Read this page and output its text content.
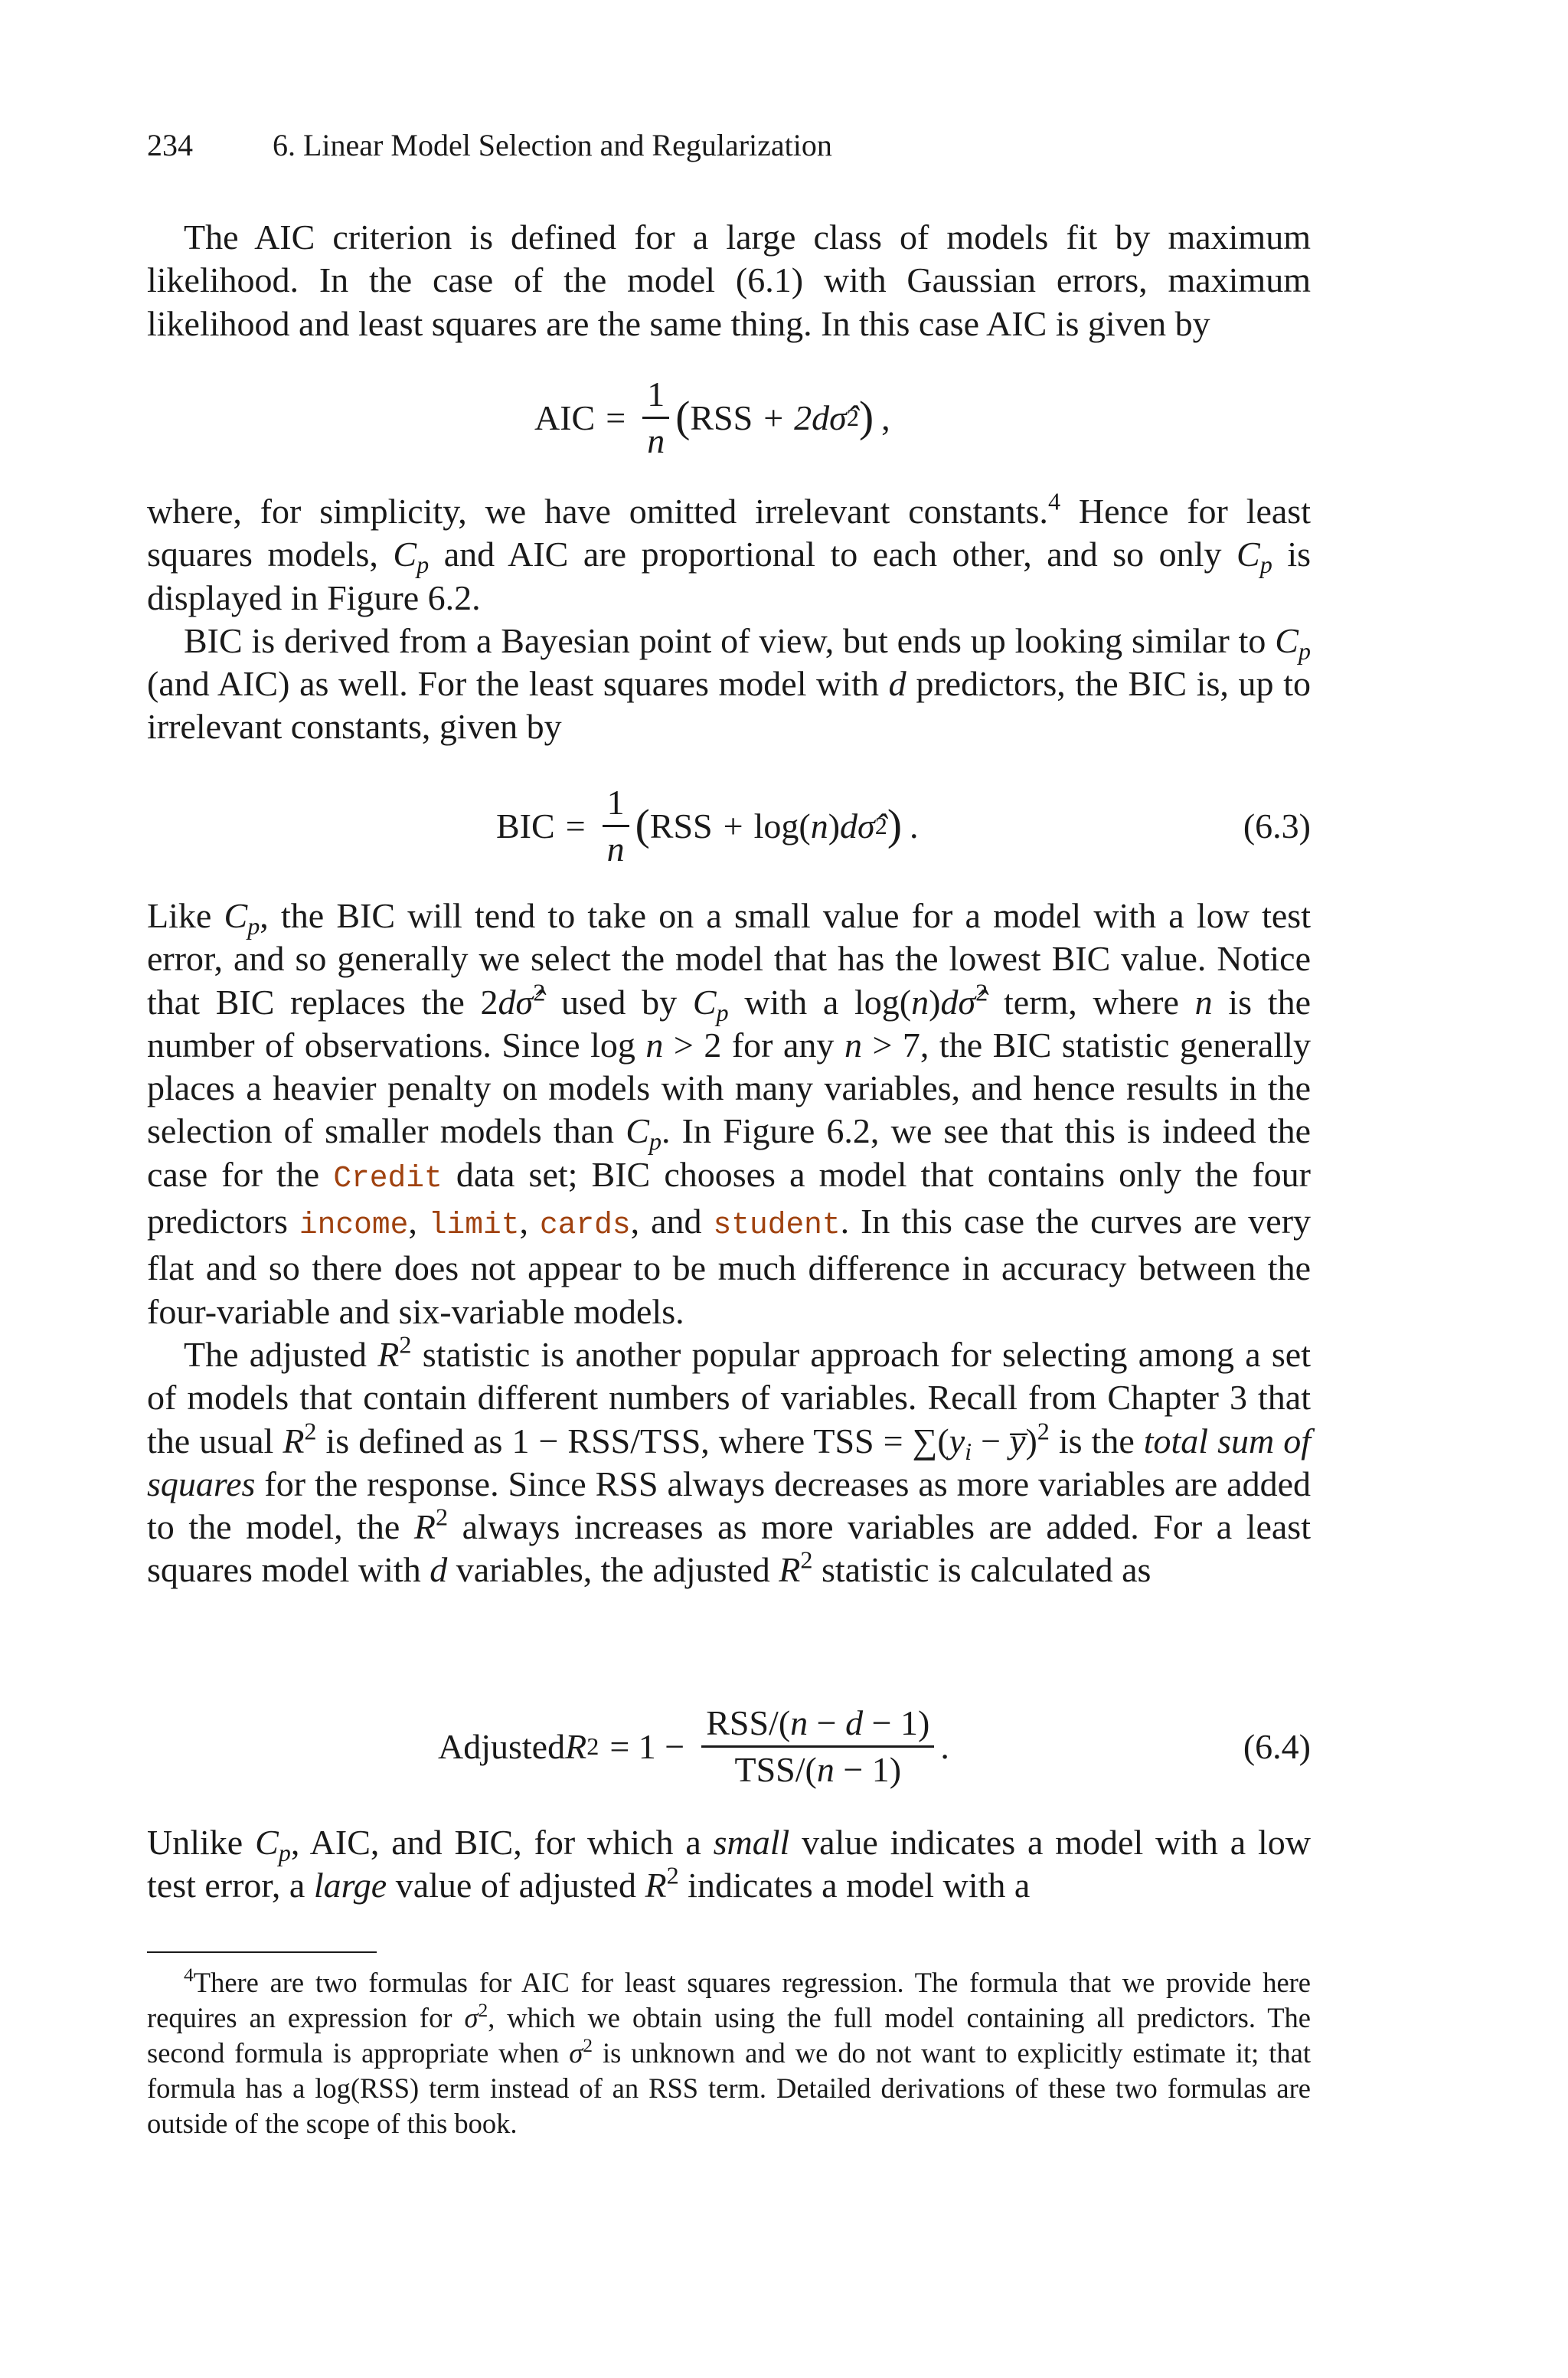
234	6. Linear Model Selection and Regularization

The AIC criterion is defined for a large class of models fit by maximum likelihood. In the case of the model (6.1) with Gaussian errors, maximum likelihood and least squares are the same thing. In this case AIC is given by

AIC = $\frac{1}{n}$ ( RSS + 2d σ̂ 2 ) ,

where, for simplicity, we have omitted irrelevant constants.$^4$ Hence for least squares models, $C_p$ and AIC are proportional to each other, and so only $C_p$ is displayed in Figure 6.2.

BIC is derived from a Bayesian point of view, but ends up looking similar to $C_p$ (and AIC) as well. For the least squares model with d predictors, the BIC is, up to irrelevant constants, given by

BIC = $\frac{1}{n}$ ( RSS + log( n ) d σ̂ 2 ) .	(6.3)

Like $C_p$, the BIC will tend to take on a small value for a model with a low test error, and so generally we select the model that has the lowest BIC value. Notice that BIC replaces the 2dσ̂$^2$ used by $C_p$ with a log(n)dσ̂$^2$ term, where n is the number of observations. Since log n > 2 for any n > 7, the BIC statistic generally places a heavier penalty on models with many variables, and hence results in the selection of smaller models than $C_p$. In Figure 6.2, we see that this is indeed the case for the Credit data set; BIC chooses a model that contains only the four predictors income, limit, cards, and student. In this case the curves are very flat and so there does not appear to be much difference in accuracy between the four-variable and six-variable models.

The adjusted $R^2$ statistic is another popular approach for selecting among a set of models that contain different numbers of variables. Recall from Chapter 3 that the usual $R^2$ is defined as 1 − RSS/TSS, where TSS = $\sum(y_i$ − y̅)$^2$ is the total sum of squares for the response. Since RSS always decreases as more variables are added to the model, the $R^2$ always increases as more variables are added. For a least squares model with d variables, the adjusted $R^2$ statistic is calculated as

Adjusted R $2 = 1 - \frac{\text{RSS/(n − d − 1)}}{\text{TSS/(n − 1)}}$ .	(6.4)

Unlike $C_p$, AIC, and BIC, for which a small value indicates a model with a low test error, a large value of adjusted $R^2$ indicates a model with a

$^4$There are two formulas for AIC for least squares regression. The formula that we provide here requires an expression for $\sigma^2$, which we obtain using the full model containing all predictors. The second formula is appropriate when $\sigma^2$ is unknown and we do not want to explicitly estimate it; that formula has a log(RSS) term instead of an RSS term. Detailed derivations of these two formulas are outside of the scope of this book.
